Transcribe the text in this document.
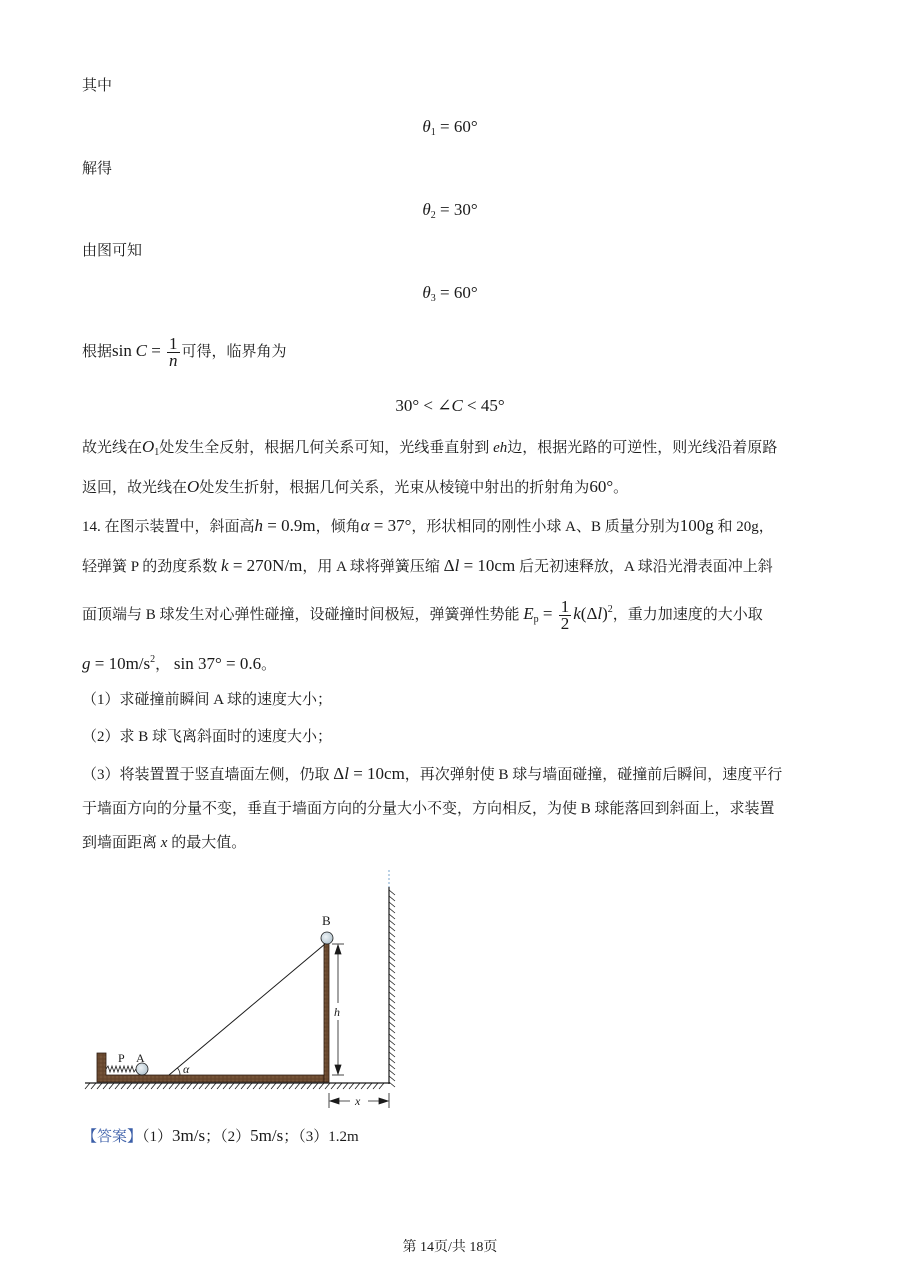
其中
$\theta_1 = 60^\circ$
解得
$\theta_2 = 30^\circ$
由图可知
$\theta_3 = 60^\circ$
根据$\sin C = \frac{1}{n}$ 可得，临界角为
30° < ∠C < 45°
故光线在$O_1$处发生全反射，根据几何关系可知，光线垂直射到 eh边，根据光路的可逆性，则光线沿着原路
返回，故光线在O处发生折射，根据几何关系，光束从棱镜中射出的折射角为60°。
14. 在图示装置中，斜面高h = 0.9m，倾角α = 37°，形状相同的刚性小球 A、B 质量分别为100g 和 20g，
轻弹簧 P 的劲度系数 k = 270N/m，用 A 球将弹簧压缩 Δl = 10cm 后无初速释放，A 球沿光滑表面冲上斜
面顶端与 B 球发生对心弹性碰撞，设碰撞时间极短，弹簧弹性势能 $E_p = \frac{1}{2} k(\Delta l)^2$，重力加速度的大小取
$g = 10m/s^2$， sin 37° = 0.6。
（1）求碰撞前瞬间 A 球的速度大小；
（2）求 B 球飞离斜面时的速度大小；
（3）将装置置于竖直墙面左侧，仍取 Δl = 10cm，再次弹射使 B 球与墙面碰撞，碰撞前后瞬间，速度平行
于墙面方向的分量不变，垂直于墙面方向的分量大小不变，方向相反，为使 B 球能落回到斜面上，求装置
到墙面距离 x 的最大值。
B
P A
α
h
x
【答案】（1）3m/s；（2）5m/s；（3）1.2m
第 14页/共 18页
